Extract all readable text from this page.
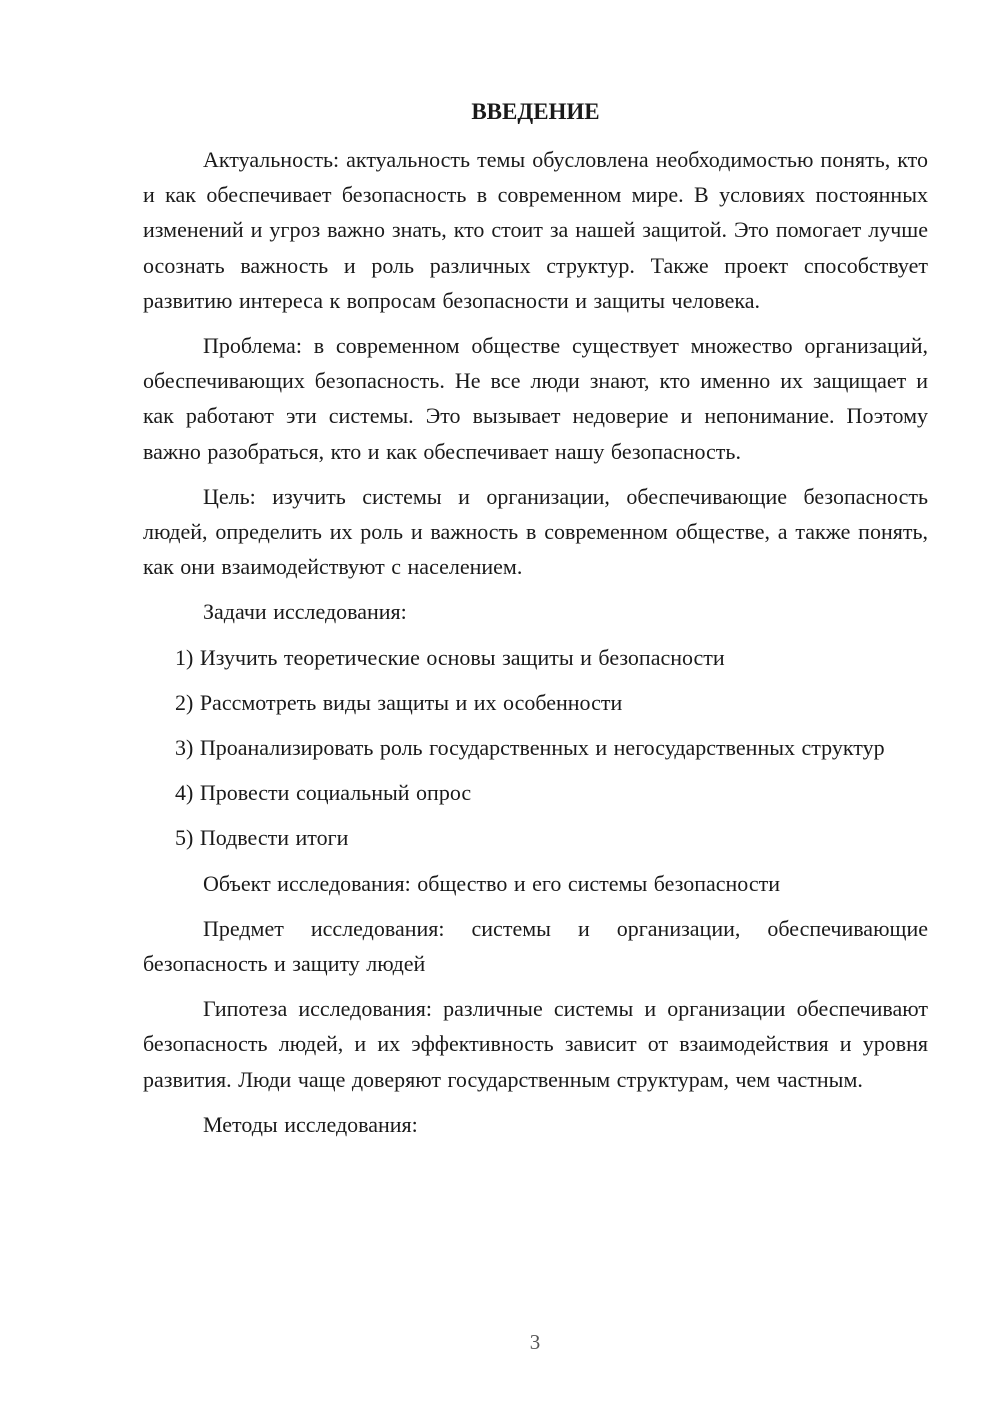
ВВЕДЕНИЕ

Актуальность: актуальность темы обусловлена необходимостью понять, кто и как обеспечивает безопасность в современном мире. В условиях постоянных изменений и угроз важно знать, кто стоит за нашей защитой. Это помогает лучше осознать важность и роль различных структур. Также проект способствует развитию интереса к вопросам безопасности и защиты человека.

Проблема: в современном обществе существует множество организаций, обеспечивающих безопасность. Не все люди знают, кто именно их защищает и как работают эти системы. Это вызывает недоверие и непонимание. Поэтому важно разобраться, кто и как обеспечивает нашу безопасность.

Цель: изучить системы и организации, обеспечивающие безопасность людей, определить их роль и важность в современном обществе, а также понять, как они взаимодействуют с населением.

Задачи исследования:

1) Изучить теоретические основы защиты и безопасности

2) Рассмотреть виды защиты и их особенности

3) Проанализировать роль государственных и негосударственных структур

4) Провести социальный опрос

5) Подвести итоги

Объект исследования: общество и его системы безопасности

Предмет исследования: системы и организации, обеспечивающие безопасность и защиту людей

Гипотеза исследования: различные системы и организации обеспечивают безопасность людей, и их эффективность зависит от взаимодействия и уровня развития. Люди чаще доверяют государственным структурам, чем частным.

Методы исследования:

3
